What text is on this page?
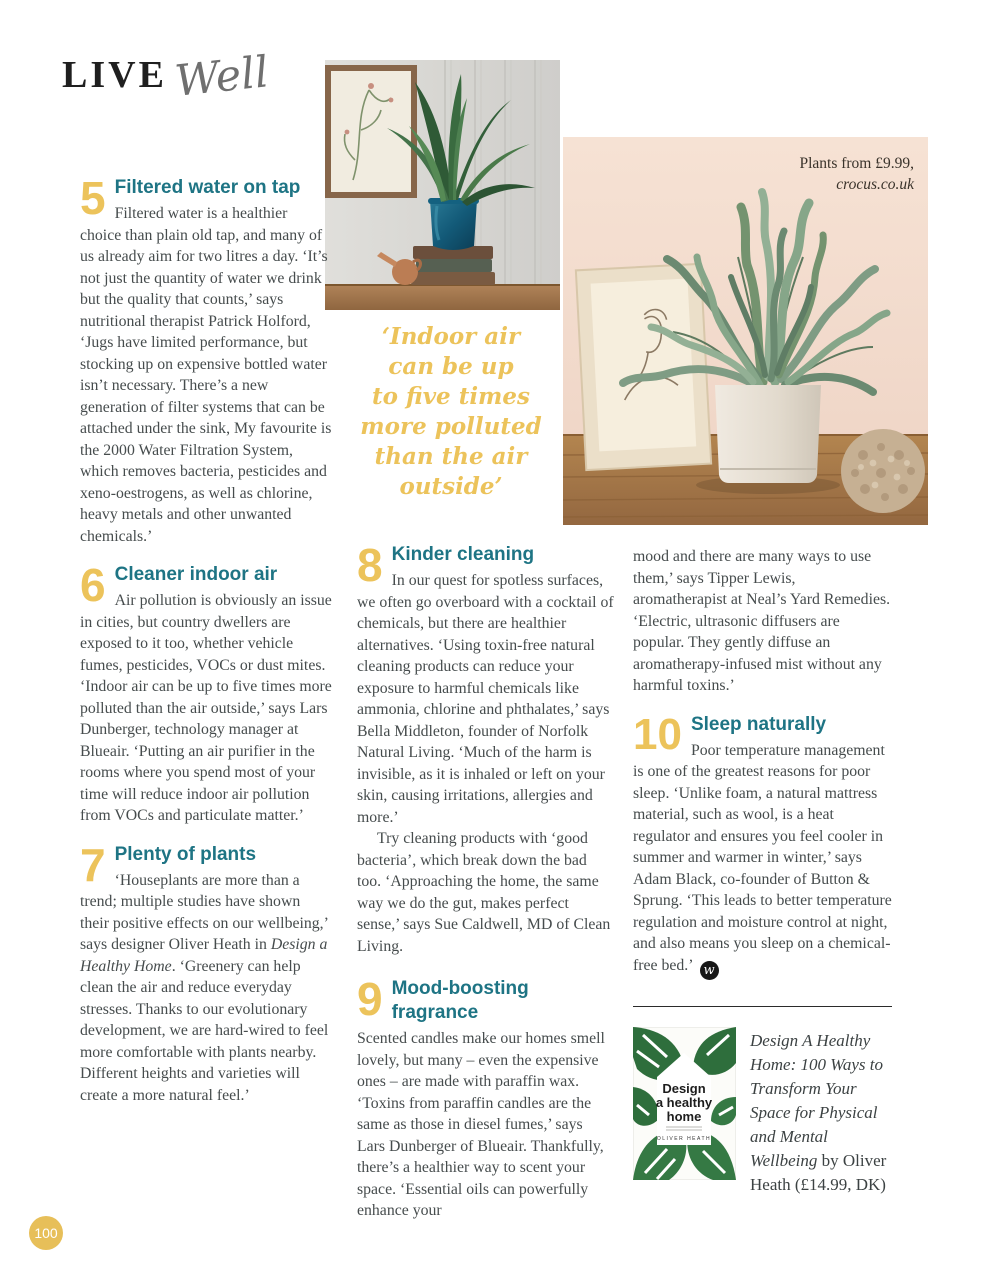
LIVE Well
Plants from £9.99,
crocus.co.uk
‘Indoor air
can be up
to five times
more polluted
than the air
outside’
5 Filtered water on tap

Filtered water is a healthier choice than plain old tap, and many of us already aim for two litres a day. ‘It’s not just the quantity of water we drink but the quality that counts,’ says nutritional therapist Patrick Holford, ‘Jugs have limited performance, but stocking up on expensive bottled water isn’t necessary. There’s a new generation of filter systems that can be attached under the sink, My favourite is the 2000 Water Filtration System, which removes bacteria, pesticides and xeno-oestrogens, as well as chlorine, heavy metals and other unwanted chemicals.’

6 Cleaner indoor air

Air pollution is obviously an issue in cities, but country dwellers are exposed to it too, whether vehicle fumes, pesticides, VOCs or dust mites. ‘Indoor air can be up to five times more polluted than the air outside,’ says Lars Dunberger, technology manager at Blueair. ‘Putting an air purifier in the rooms where you spend most of your time will reduce indoor air pollution from VOCs and particulate matter.’

7 Plenty of plants

‘Houseplants are more than a trend; multiple studies have shown their positive effects on our wellbeing,’ says designer Oliver Heath in Design a Healthy Home. ‘Greenery can help clean the air and reduce everyday stresses. Thanks to our evolutionary development, we are hard-wired to feel more comfortable with plants nearby. Different heights and varieties will create a more natural feel.’

8 Kinder cleaning

In our quest for spotless surfaces, we often go overboard with a cocktail of chemicals, but there are healthier alternatives. ‘Using toxin-free natural cleaning products can reduce your exposure to harmful chemicals like ammonia, chlorine and phthalates,’ says Bella Middleton, founder of Norfolk Natural Living. ‘Much of the harm is invisible, as it is inhaled or left on your skin, causing irritations, allergies and more.’

Try cleaning products with ‘good bacteria’, which break down the bad too. ‘Approaching the home, the same way we do the gut, makes perfect sense,’ says Sue Caldwell, MD of Clean Living.

9 Mood-boosting fragrance

Scented candles make our homes smell lovely, but many – even the expensive ones – are made with paraffin wax. ‘Toxins from paraffin candles are the same as those in diesel fumes,’ says Lars Dunberger of Blueair. Thankfully, there’s a healthier way to scent your space. ‘Essential oils can powerfully enhance your

mood and there are many ways to use them,’ says Tipper Lewis, aromatherapist at Neal’s Yard Remedies. ‘Electric, ultrasonic diffusers are popular. They gently diffuse an aromatherapy-infused mist without any harmful toxins.’

10 Sleep naturally

Poor temperature management is one of the greatest reasons for poor sleep. ‘Unlike foam, a natural mattress material, such as wool, is a heat regulator and ensures you feel cooler in summer and warmer in winter,’ says Adam Black, co-founder of Button & Sprung. ‘This leads to better temperature regulation and moisture control at night, and also means you sleep on a chemical-free bed.’ w

Design
a healthy
home
OLIVER HEATH
Design A Healthy Home: 100 Ways to Transform Your Space for Physical and Mental Wellbeing by Oliver Heath (£14.99, DK)
100
